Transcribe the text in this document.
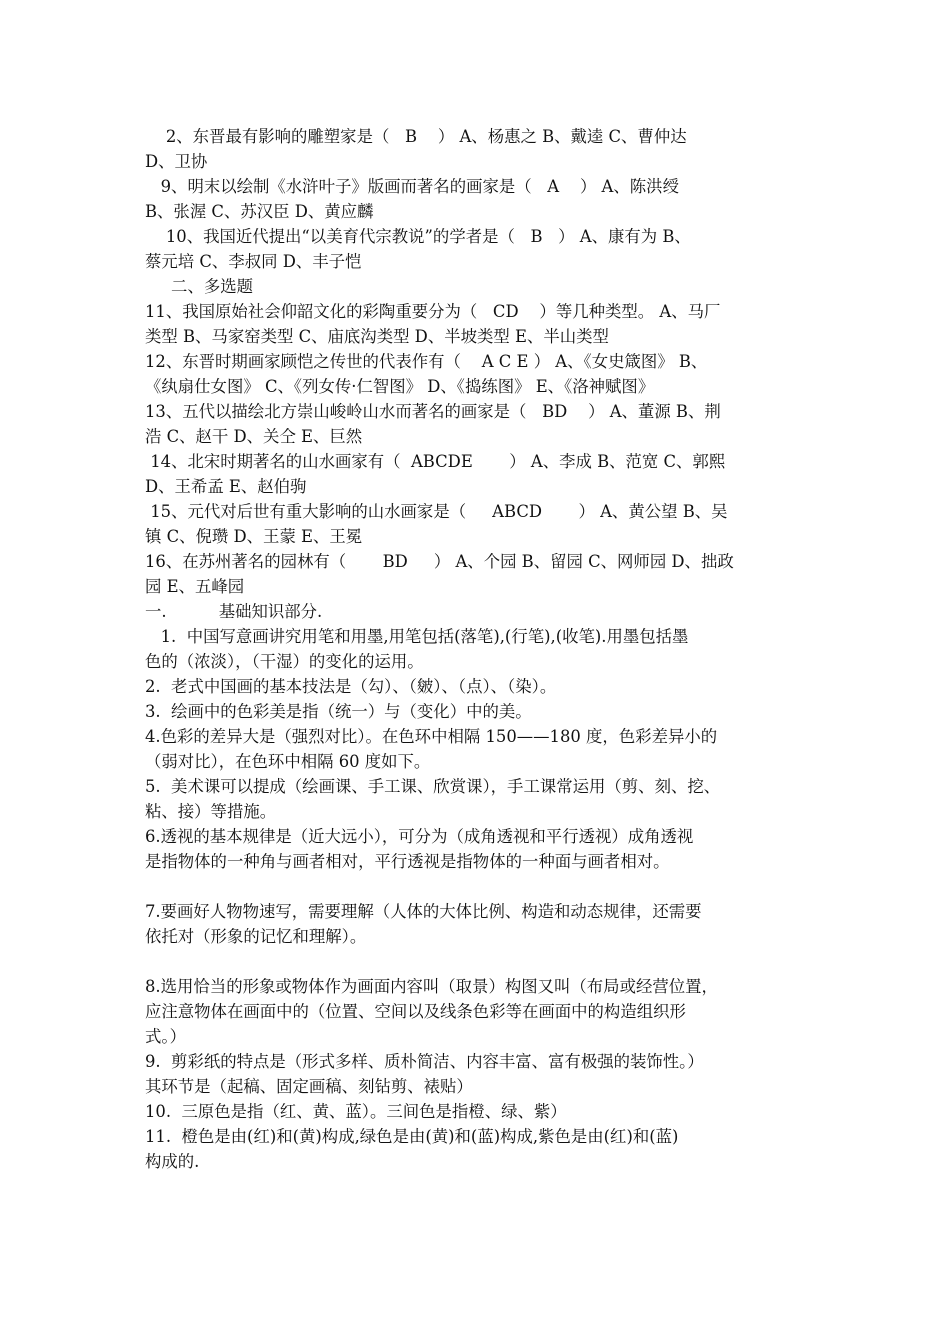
2、东晋最有影响的雕塑家是（   B    ） A、杨惠之 B、戴逵 C、曹仲达
D、卫协
9、明末以绘制《水浒叶子》版画而著名的画家是（   A    ） A、陈洪绶
B、张渥 C、苏汉臣 D、黄应麟
10、我国近代提出“以美育代宗教说”的学者是（   B   ） A、康有为 B、
蔡元培 C、李叔同 D、丰子恺
二、多选题
11、我国原始社会仰韶文化的彩陶重要分为（   CD    ）等几种类型。 A、马厂
类型 B、马家窑类型 C、庙底沟类型 D、半坡类型 E、半山类型
12、东晋时期画家顾恺之传世的代表作有（    A C E ） A、《女史箴图》 B、
《纨扇仕女图》 C、《列女传·仁智图》 D、《捣练图》 E、《洛神赋图》
13、五代以描绘北方崇山峻岭山水而著名的画家是（   BD    ） A、董源 B、荆
浩 C、赵干 D、关仝 E、巨然
14、北宋时期著名的山水画家有（  ABCDE       ） A、李成 B、范宽 C、郭熙
D、王希孟 E、赵伯驹
15、元代对后世有重大影响的山水画家是（     ABCD       ） A、黄公望 B、吴
镇 C、倪瓒 D、王蒙 E、王冕
16、在苏州著名的园林有（       BD     ） A、个园 B、留园 C、网师园 D、拙政
园 E、五峰园
一.          基础知识部分.
1.  中国写意画讲究用笔和用墨,用笔包括(落笔),(行笔),(收笔).用墨包括墨
色的（浓淡），（干湿）的变化的运用。
2.  老式中国画的基本技法是（勾）、（皴）、（点）、（染）。
3.  绘画中的色彩美是指（统一）与（变化）中的美。
4.色彩的差异大是（强烈对比）。在色环中相隔 150——180 度，色彩差异小的
（弱对比），在色环中相隔 60 度如下。
5.  美术课可以提成（绘画课、手工课、欣赏课），手工课常运用（剪、刻、挖、
粘、接）等措施。
6.透视的基本规律是（近大远小），可分为（成角透视和平行透视）成角透视
是指物体的一种角与画者相对，平行透视是指物体的一种面与画者相对。
7.要画好人物物速写，需要理解（人体的大体比例、构造和动态规律，还需要
依托对（形象的记忆和理解）。
8.选用恰当的形象或物体作为画面内容叫（取景）构图又叫（布局或经营位置，
应注意物体在画面中的（位置、空间以及线条色彩等在画面中的构造组织形
式。）
9.  剪彩纸的特点是（形式多样、质朴简洁、内容丰富、富有极强的装饰性。）
其环节是（起稿、固定画稿、刻钻剪、裱贴）
10.  三原色是指（红、黄、蓝）。三间色是指橙、绿、紫）
11.  橙色是由(红)和(黄)构成,绿色是由(黄)和(蓝)构成,紫色是由(红)和(蓝)
构成的.
